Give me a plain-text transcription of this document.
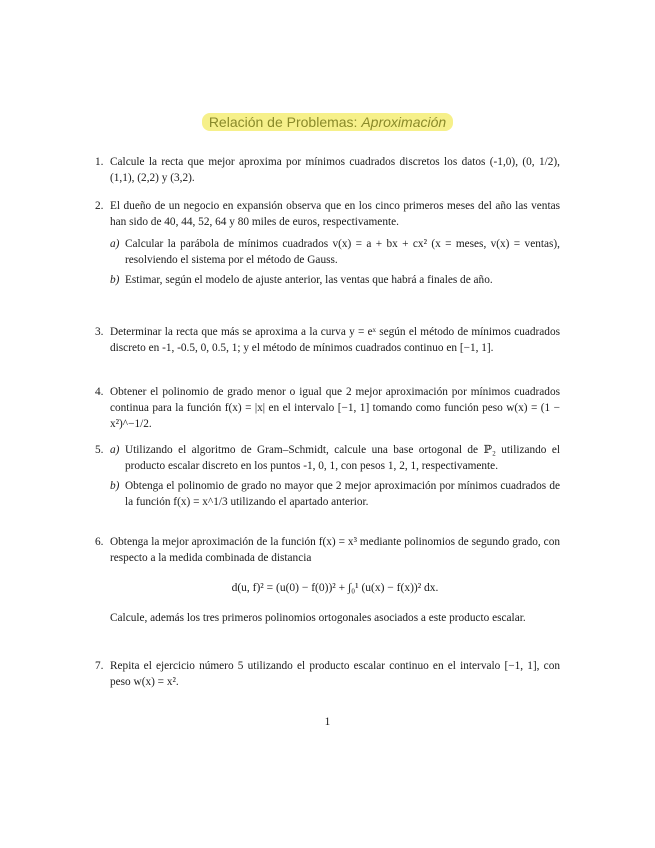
Relación de Problemas: Aproximación
1. Calcule la recta que mejor aproxima por mínimos cuadrados discretos los datos (-1,0), (0, 1/2), (1,1), (2,2) y (3,2).
2. El dueño de un negocio en expansión observa que en los cinco primeros meses del año las ventas han sido de 40, 44, 52, 64 y 80 miles de euros, respectivamente.
a) Calcular la parábola de mínimos cuadrados v(x) = a + bx + cx² (x = meses, v(x) = ventas), resolviendo el sistema por el método de Gauss.
b) Estimar, según el modelo de ajuste anterior, las ventas que habrá a finales de año.
3. Determinar la recta que más se aproxima a la curva y = eˣ según el método de mínimos cuadrados discreto en -1, -0.5, 0, 0.5, 1; y el método de mínimos cuadrados continuo en [−1, 1].
4. Obtener el polinomio de grado menor o igual que 2 mejor aproximación por mínimos cuadrados continua para la función f(x) = |x| en el intervalo [−1, 1] tomando como función peso w(x) = (1 − x²)^−1/2.
5. a) Utilizando el algoritmo de Gram–Schmidt, calcule una base ortogonal de ℙ₂ utilizando el producto escalar discreto en los puntos -1, 0, 1, con pesos 1, 2, 1, respectivamente.
b) Obtenga el polinomio de grado no mayor que 2 mejor aproximación por mínimos cuadrados de la función f(x) = x^1/3 utilizando el apartado anterior.
6. Obtenga la mejor aproximación de la función f(x) = x³ mediante polinomios de segundo grado, con respecto a la medida combinada de distancia
d(u, f)² = (u(0) − f(0))² + ∫₀¹ (u(x) − f(x))² dx.
Calcule, además los tres primeros polinomios ortogonales asociados a este producto escalar.
7. Repita el ejercicio número 5 utilizando el producto escalar continuo en el intervalo [−1, 1], con peso w(x) = x².
1
